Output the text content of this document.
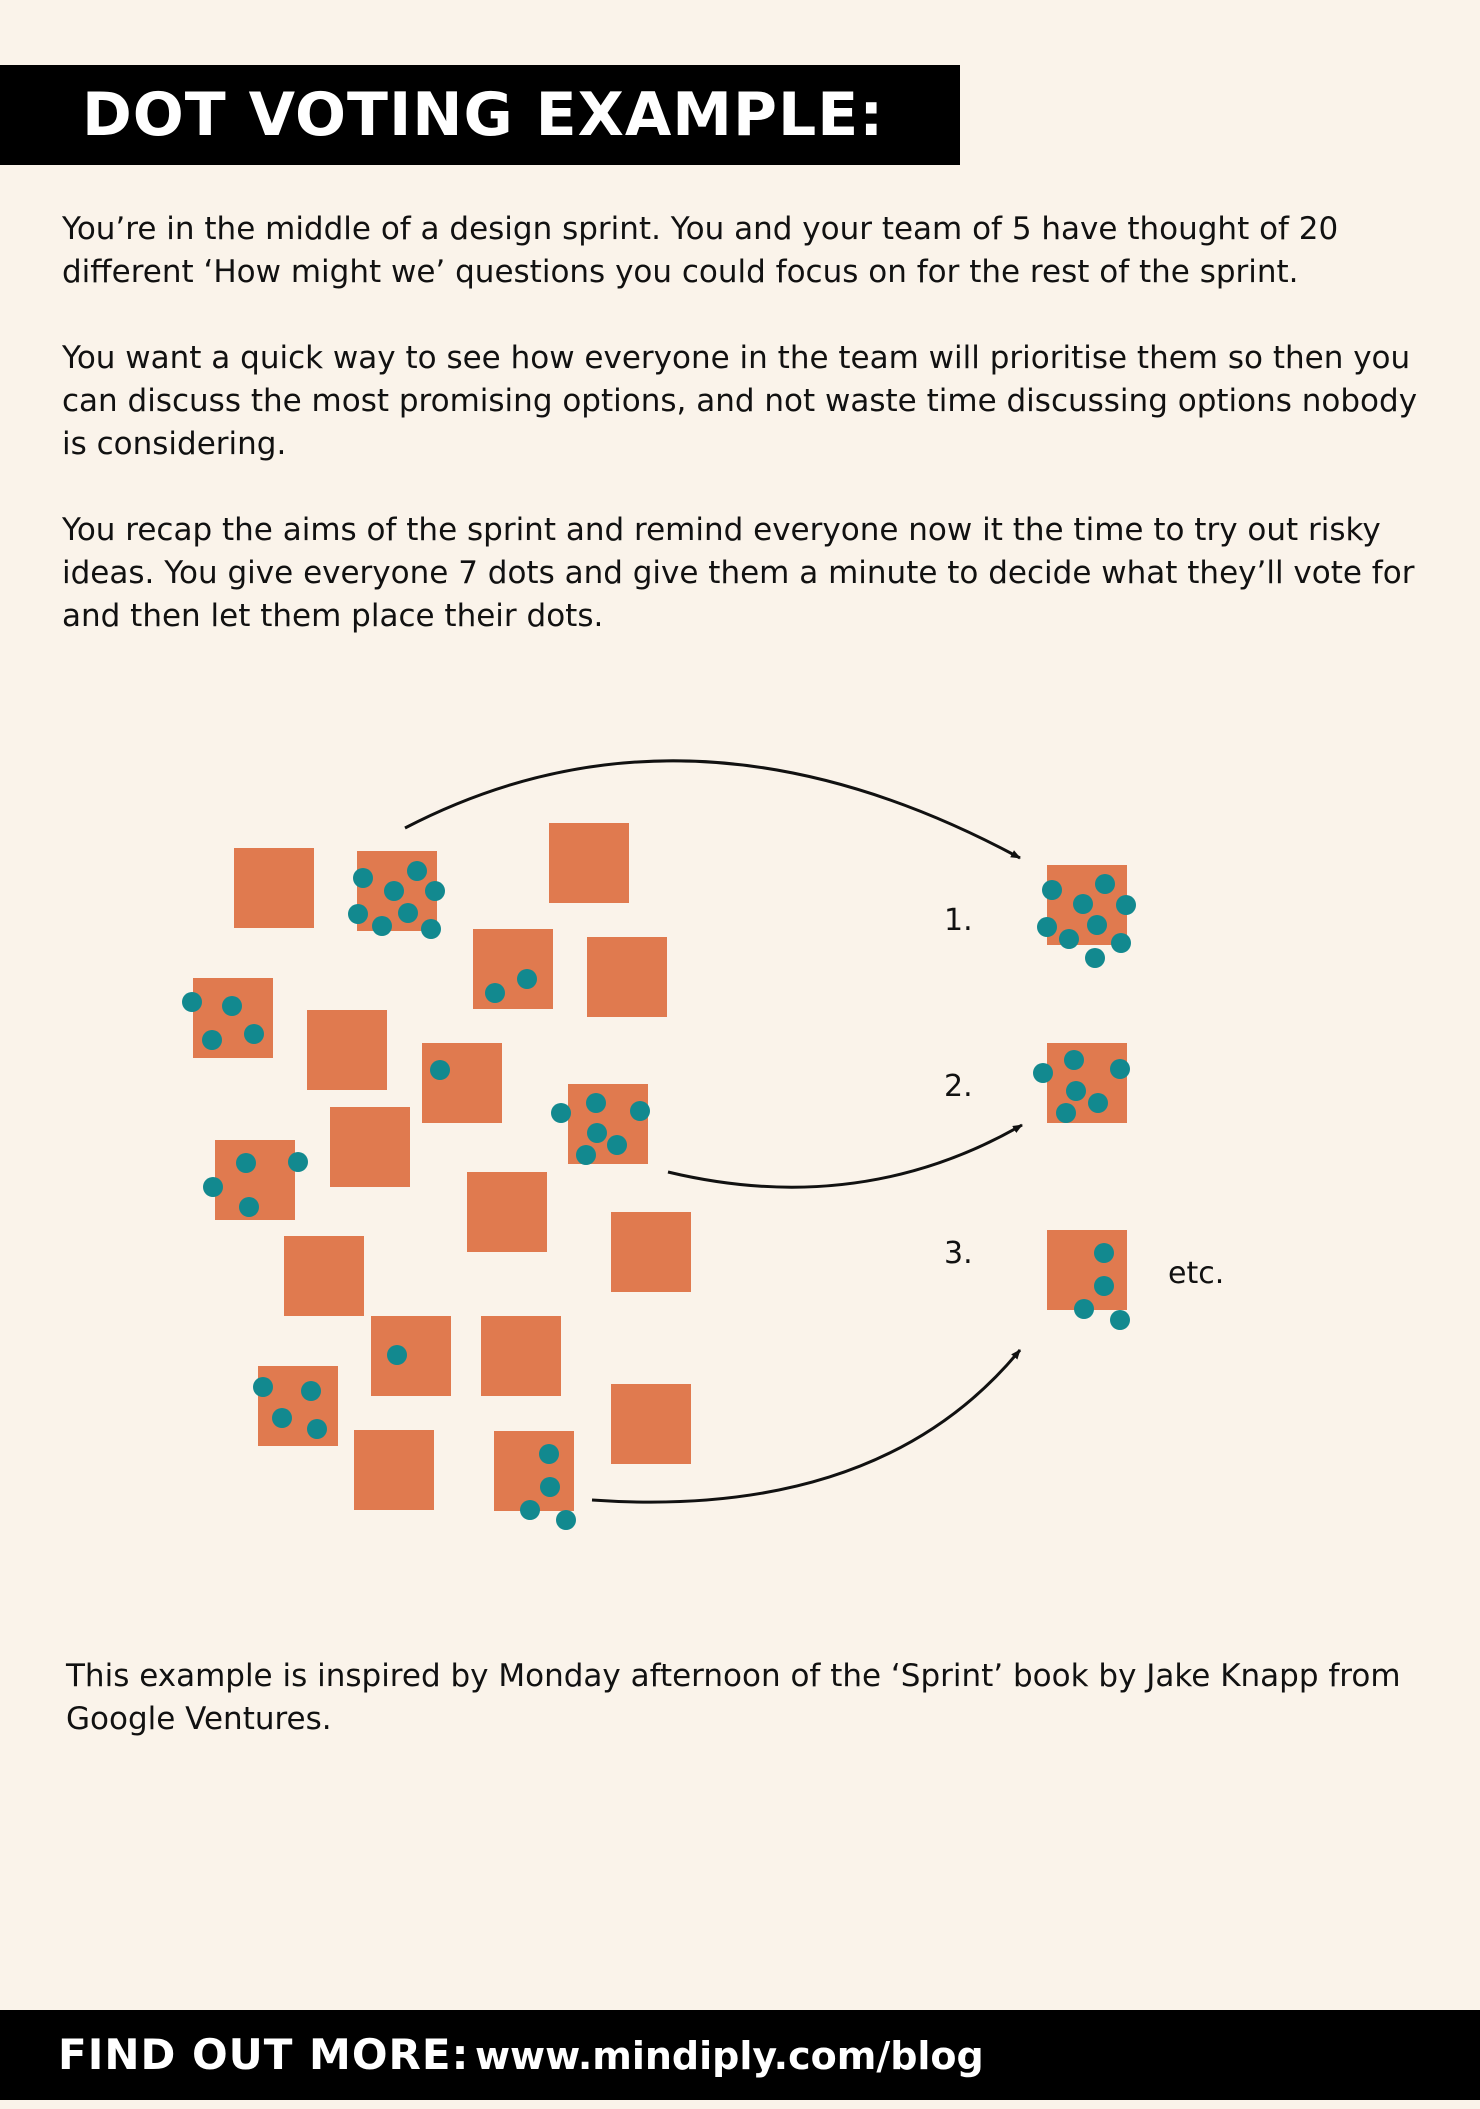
DOT VOTING EXAMPLE:

You’re in the middle of a design sprint. You and your team of 5 have thought of 20 different ‘How might we’ questions you could focus on for the rest of the sprint.

You want a quick way to see how everyone in the team will prioritise them so then you can discuss the most promising options, and not waste time discussing options nobody is considering.

You recap the aims of the sprint and remind everyone now it the time to try out risky ideas. You give everyone 7 dots and give them a minute to decide what they’ll vote for and then let them place their dots.

1.
2.
3.
etc.
This example is inspired by Monday afternoon of the ‘Sprint’ book by Jake Knapp from Google Ventures.
FIND OUT MORE: www.mindiply.com/blog
